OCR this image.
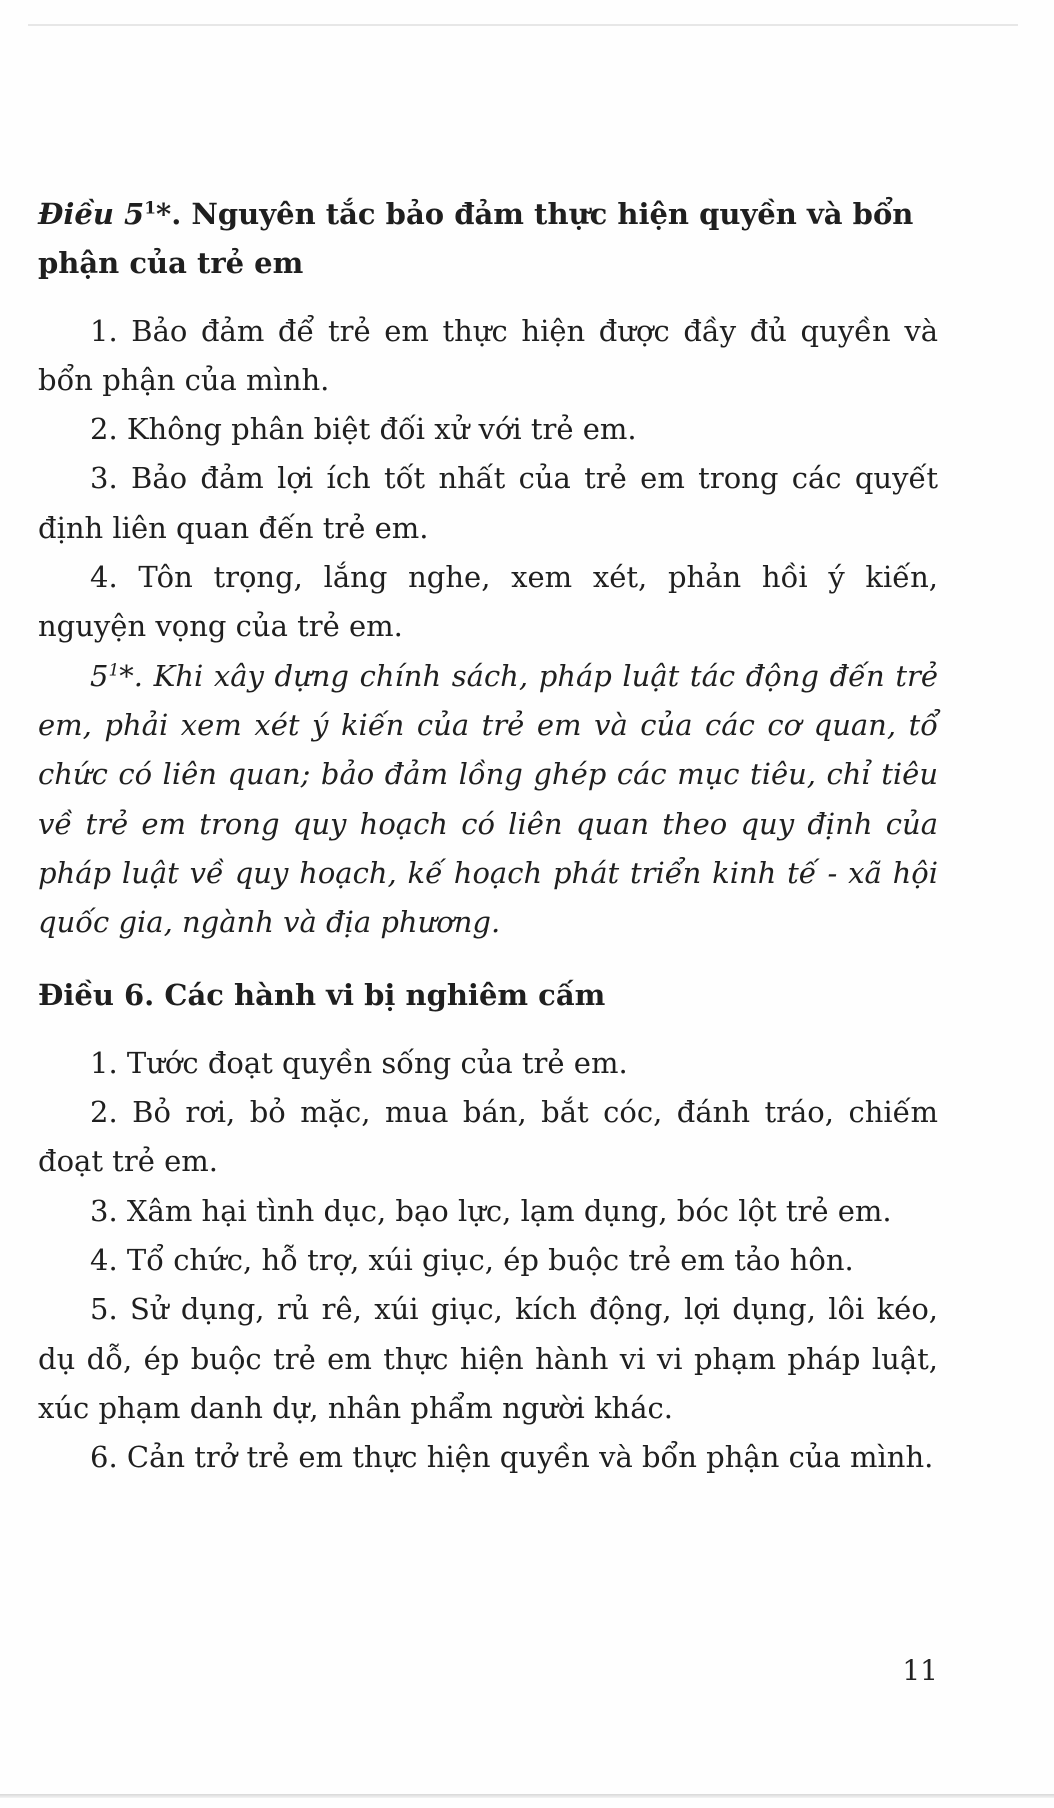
Điều $5^1*$. Nguyên tắc bảo đảm thực hiện quyền và bổn phận của trẻ em

1. Bảo đảm để trẻ em thực hiện được đầy đủ quyền và bổn phận của mình.

2. Không phân biệt đối xử với trẻ em.

3. Bảo đảm lợi ích tốt nhất của trẻ em trong các quyết định liên quan đến trẻ em.

4. Tôn trọng, lắng nghe, xem xét, phản hồi ý kiến, nguyện vọng của trẻ em.

$5^1*$. Khi xây dựng chính sách, pháp luật tác động đến trẻ em, phải xem xét ý kiến của trẻ em và của các cơ quan, tổ chức có liên quan; bảo đảm lồng ghép các mục tiêu, chỉ tiêu về trẻ em trong quy hoạch có liên quan theo quy định của pháp luật về quy hoạch, kế hoạch phát triển kinh tế - xã hội quốc gia, ngành và địa phương.

Điều 6. Các hành vi bị nghiêm cấm

1. Tước đoạt quyền sống của trẻ em.

2. Bỏ rơi, bỏ mặc, mua bán, bắt cóc, đánh tráo, chiếm đoạt trẻ em.

3. Xâm hại tình dục, bạo lực, lạm dụng, bóc lột trẻ em.

4. Tổ chức, hỗ trợ, xúi giục, ép buộc trẻ em tảo hôn.

5. Sử dụng, rủ rê, xúi giục, kích động, lợi dụng, lôi kéo, dụ dỗ, ép buộc trẻ em thực hiện hành vi vi phạm pháp luật, xúc phạm danh dự, nhân phẩm người khác.

6. Cản trở trẻ em thực hiện quyền và bổn phận của mình.

11
